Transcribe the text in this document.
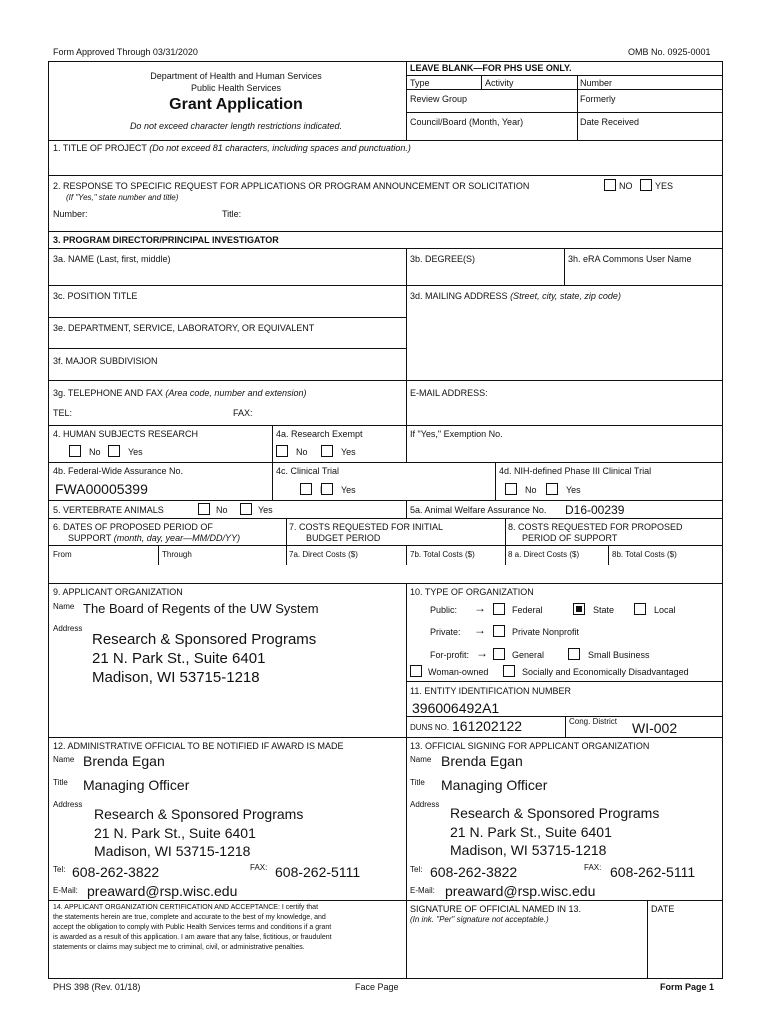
Form Approved Through 03/31/2020	OMB No. 0925-0001
Department of Health and Human Services
Public Health Services
Grant Application
Do not exceed character length restrictions indicated.
LEAVE BLANK—FOR PHS USE ONLY.
Type	Activity	Number
Review Group	Formerly
Council/Board (Month, Year)	Date Received
1. TITLE OF PROJECT (Do not exceed 81 characters, including spaces and punctuation.)
2. RESPONSE TO SPECIFIC REQUEST FOR APPLICATIONS OR PROGRAM ANNOUNCEMENT OR SOLICITATION	NO	YES
(If "Yes," state number and title)
Number:	Title:
3. PROGRAM DIRECTOR/PRINCIPAL INVESTIGATOR
3a. NAME (Last, first, middle)	3b. DEGREE(S)	3h. eRA Commons User Name
3c. POSITION TITLE	3d. MAILING ADDRESS (Street, city, state, zip code)
3e. DEPARTMENT, SERVICE, LABORATORY, OR EQUIVALENT
3f. MAJOR SUBDIVISION
3g. TELEPHONE AND FAX (Area code, number and extension)	E-MAIL ADDRESS:
TEL:	FAX:
4. HUMAN SUBJECTS RESEARCH	4a. Research Exempt	If "Yes," Exemption No.
No	Yes	No	Yes
4b. Federal-Wide Assurance No.	4c. Clinical Trial	4d. NIH-defined Phase III Clinical Trial
FWA00005399	Yes	No	Yes
5. VERTEBRATE ANIMALS	No	Yes	5a. Animal Welfare Assurance No. D16-00239
6. DATES OF PROPOSED PERIOD OF
SUPPORT (month, day, year—MM/DD/YY)
7. COSTS REQUESTED FOR INITIAL
BUDGET PERIOD
8. COSTS REQUESTED FOR PROPOSED
PERIOD OF SUPPORT
From	Through	7a. Direct Costs ($)	7b. Total Costs ($)	8 a. Direct Costs ($)	8b. Total Costs ($)
9. APPLICANT ORGANIZATION
Name The Board of Regents of the UW System
Address
Research & Sponsored Programs
21 N. Park St., Suite 6401
Madison, WI 53715-1218
10. TYPE OF ORGANIZATION
Public: →	Federal	State	Local
Private: →	Private Nonprofit
For-profit: →	General	Small Business
Woman-owned	Socially and Economically Disadvantaged
11. ENTITY IDENTIFICATION NUMBER
396006492A1
DUNS NO. 161202122	Cong. District WI-002
12. ADMINISTRATIVE OFFICIAL TO BE NOTIFIED IF AWARD IS MADE
Name Brenda Egan
Title Managing Officer
Address
Research & Sponsored Programs
21 N. Park St., Suite 6401
Madison, WI 53715-1218
Tel: 608-262-3822	FAX: 608-262-5111
E-Mail: preaward@rsp.wisc.edu
13. OFFICIAL SIGNING FOR APPLICANT ORGANIZATION
Name Brenda Egan
Title Managing Officer
Address
Research & Sponsored Programs
21 N. Park St., Suite 6401
Madison, WI 53715-1218
Tel: 608-262-3822	FAX: 608-262-5111
E-Mail: preaward@rsp.wisc.edu
14. APPLICANT ORGANIZATION CERTIFICATION AND ACCEPTANCE: I certify that
the statements herein are true, complete and accurate to the best of my knowledge, and
accept the obligation to comply with Public Health Services terms and conditions if a grant
is awarded as a result of this application. I am aware that any false, fictitious, or fraudulent
statements or claims may subject me to criminal, civil, or administrative penalties.
SIGNATURE OF OFFICIAL NAMED IN 13.
(In ink. "Per" signature not acceptable.)
DATE
PHS 398 (Rev. 01/18)	Face Page	Form Page 1
